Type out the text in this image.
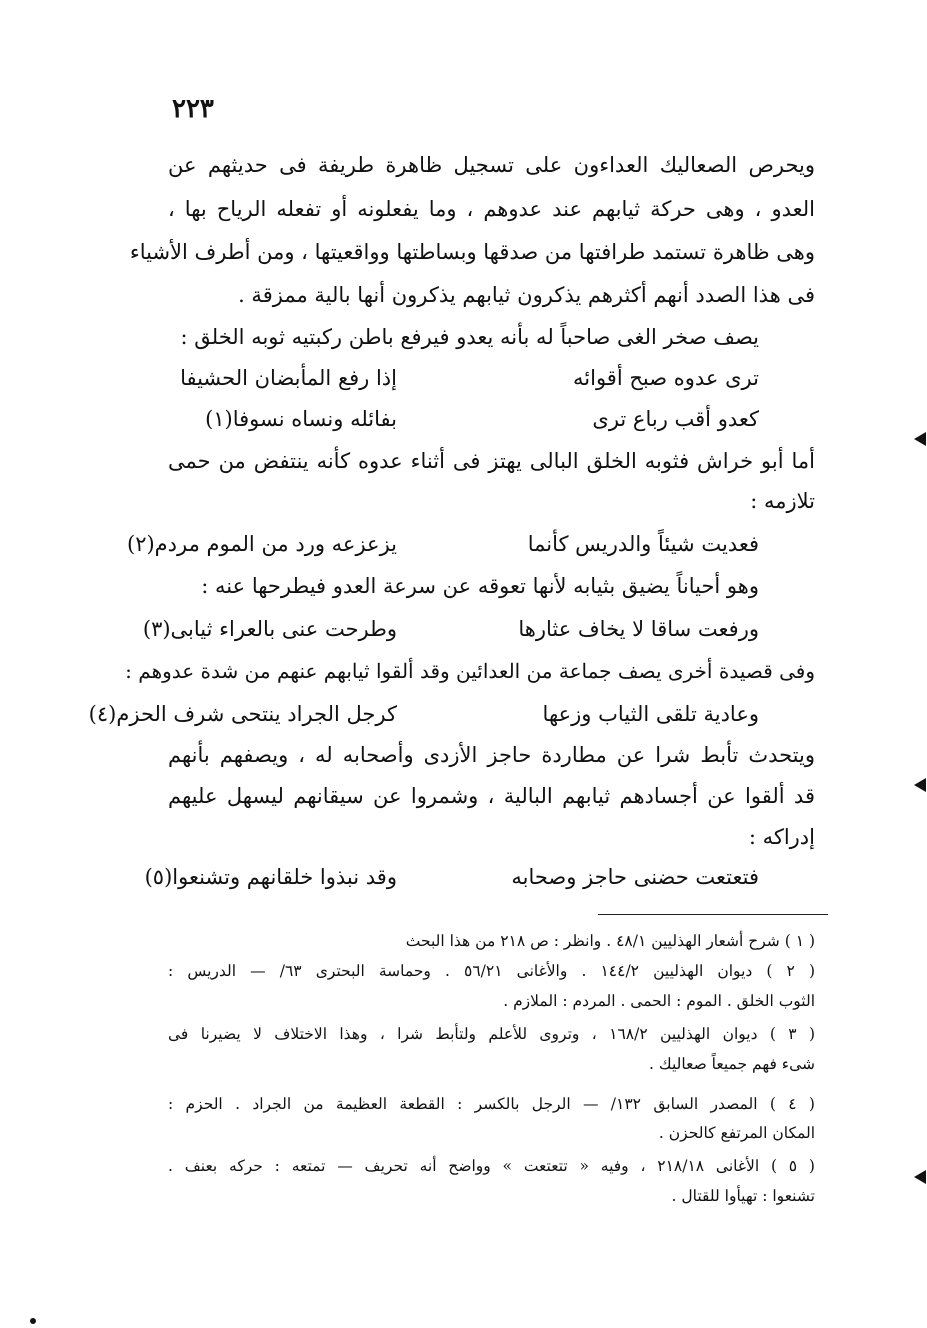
٢٢٣
ويحرص الصعاليك العداءون على تسجيل ظاهرة طريفة فى حديثهم عن
العدو ، وهى حركة ثيابهم عند عدوهم ، وما يفعلونه أو تفعله الرياح بها ،
وهى ظاهرة تستمد طرافتها من صدقها وبساطتها وواقعيتها ، ومن أطرف الأشياء
فى هذا الصدد أنهم أكثرهم يذكرون ثيابهم يذكرون أنها بالية ممزقة .
يصف صخر الغى صاحباً له بأنه يعدو فيرفع باطن ركبتيه ثوبه الخلق :
ترى عدوه صبح أقوائه
إذا رفع المأبضان الحشيفا
كعدو أقب رباع ترى
بفائله ونساه نسوفا(١)
أما أبو خراش فثوبه الخلق البالى يهتز فى أثناء عدوه كأنه ينتفض من حمى
تلازمه :
فعديت شيئاً والدريس كأنما
يزعزعه ورد من الموم مردم(٢)
وهو أحياناً يضيق بثيابه لأنها تعوقه عن سرعة العدو فيطرحها عنه :
ورفعت ساقا لا يخاف عثارها
وطرحت عنى بالعراء ثيابى(٣)
وفى قصيدة أخرى يصف جماعة من العدائين وقد ألقوا ثيابهم عنهم من شدة عدوهم :
وعادية تلقى الثياب وزعها
كرجل الجراد ينتحى شرف الحزم(٤)
ويتحدث تأبط شرا عن مطاردة حاجز الأزدى وأصحابه له ، ويصفهم بأنهم
قد ألقوا عن أجسادهم ثيابهم البالية ، وشمروا عن سيقانهم ليسهل عليهم
إدراكه :
فتعتعت حضنى حاجز وصحابه
وقد نبذوا خلقانهم وتشنعوا(٥)
( ١ ) شرح أشعار الهذليين ٤٨/١ . وانظر : ص ٢١٨ من هذا البحث
( ٢ ) ديوان الهذليين ١٤٤/٢ . والأغانى ٥٦/٢١ . وحماسة البحترى ٦٣/ — الدريس :
الثوب الخلق . الموم : الحمى . المردم : الملازم .
( ٣ ) ديوان الهذليين ١٦٨/٢ ، وتروى للأعلم ولتأبط شرا ، وهذا الاختلاف لا يضيرنا فى
شىء فهم جميعاً صعاليك .
( ٤ ) المصدر السابق ١٣٢/ — الرجل بالكسر : القطعة العظيمة من الجراد . الحزم :
المكان المرتفع كالحزن .
( ٥ ) الأغانى ٢١٨/١٨ ، وفيه « تتعتعت » وواضح أنه تحريف — تمتعه : حركه بعنف .
تشنعوا : تهيأوا للقتال .
